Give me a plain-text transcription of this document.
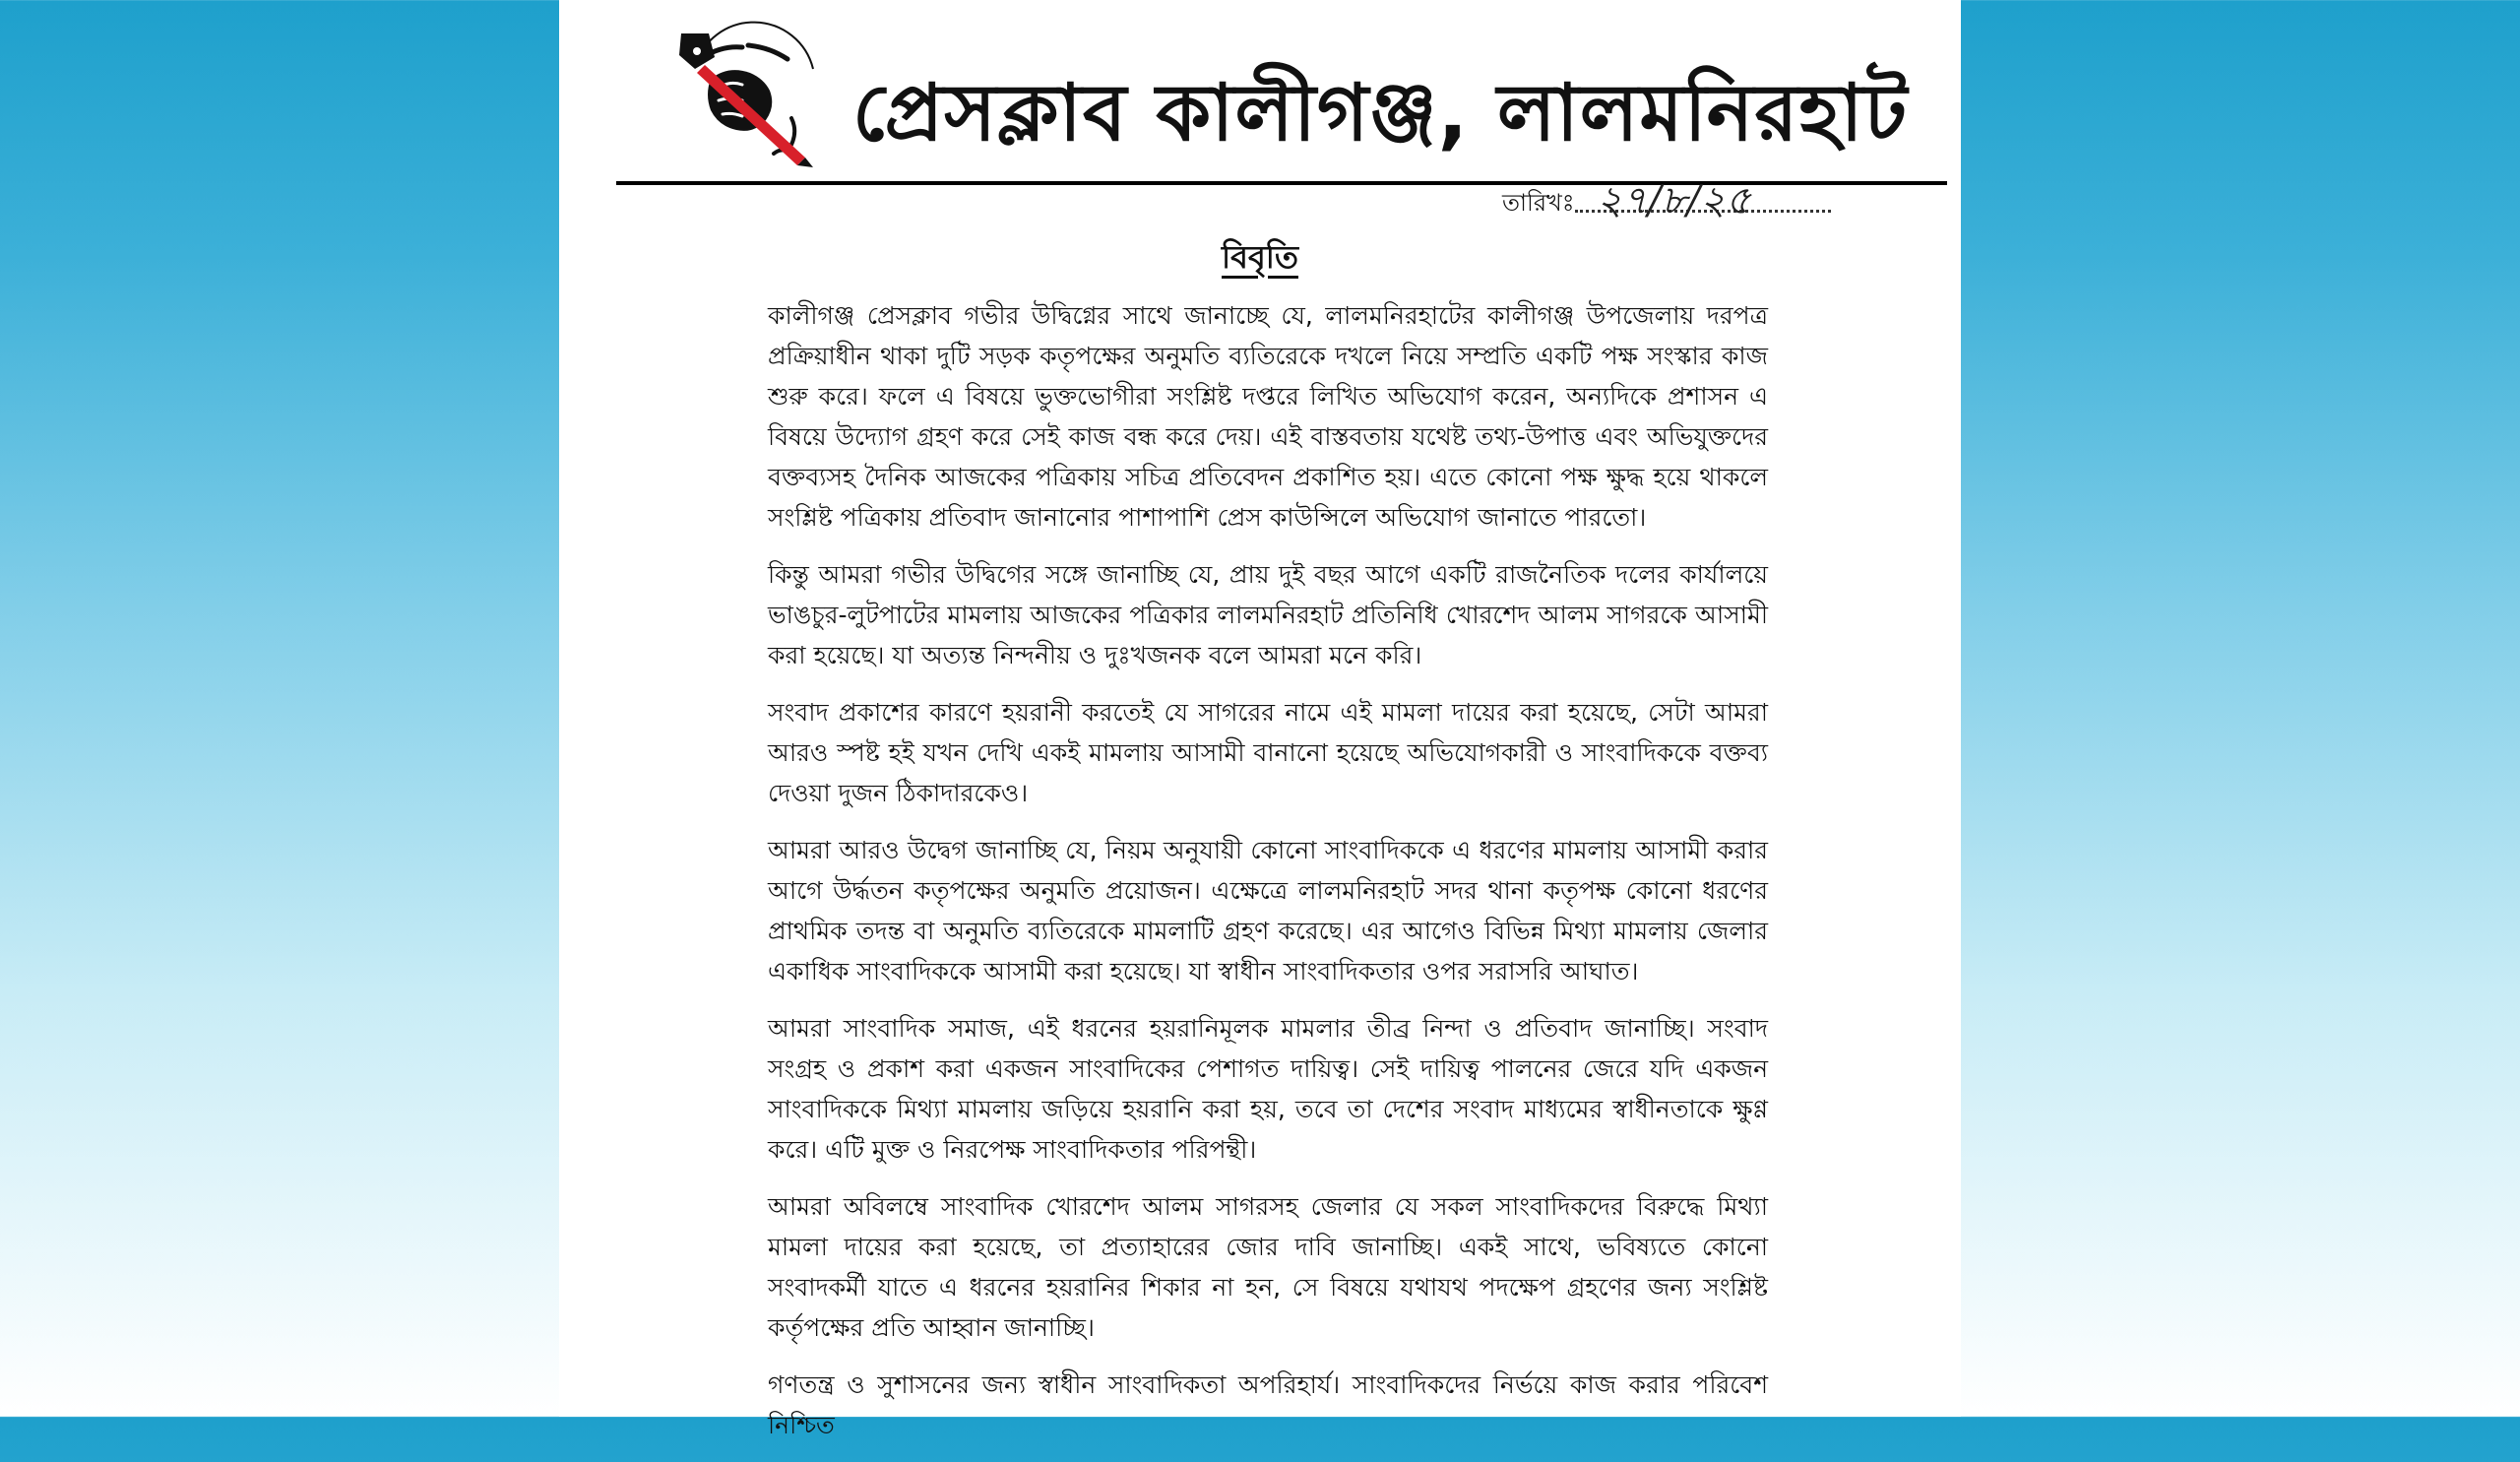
প্রেসক্লাব কালীগঞ্জ, লালমনিরহাট
তারিখঃ ২৭/৮/২৫
বিবৃতি

কালীগঞ্জ প্রেসক্লাব গভীর উদ্বিগ্নের সাথে জানাচ্ছে যে, লালমনিরহাটের কালীগঞ্জ উপজেলায় দরপত্র প্রক্রিয়াধীন থাকা দুটি সড়ক কতৃপক্ষের অনুমতি ব্যতিরেকে দখলে নিয়ে সম্প্রতি একটি পক্ষ সংস্কার কাজ শুরু করে। ফলে এ বিষয়ে ভুক্তভোগীরা সংশ্লিষ্ট দপ্তরে লিখিত অভিযোগ করেন, অন্যদিকে প্রশাসন এ বিষয়ে উদ্যোগ গ্রহণ করে সেই কাজ বন্ধ করে দেয়। এই বাস্তবতায় যথেষ্ট তথ্য-উপাত্ত এবং অভিযুক্তদের বক্তব্যসহ দৈনিক আজকের পত্রিকায় সচিত্র প্রতিবেদন প্রকাশিত হয়। এতে কোনো পক্ষ ক্ষুদ্ধ হয়ে থাকলে সংশ্লিষ্ট পত্রিকায় প্রতিবাদ জানানোর পাশাপাশি প্রেস কাউন্সিলে অভিযোগ জানাতে পারতো।

কিন্তু আমরা গভীর উদ্বিগের সঙ্গে জানাচ্ছি যে, প্রায় দুই বছর আগে একটি রাজনৈতিক দলের কার্যালয়ে ভাঙচুর-লুটপাটের মামলায় আজকের পত্রিকার লালমনিরহাট প্রতিনিধি খোরশেদ আলম সাগরকে আসামী করা হয়েছে। যা অত্যন্ত নিন্দনীয় ও দুঃখজনক বলে আমরা মনে করি।

সংবাদ প্রকাশের কারণে হয়রানী করতেই যে সাগরের নামে এই মামলা দায়ের করা হয়েছে, সেটা আমরা আরও স্পষ্ট হই যখন দেখি একই মামলায় আসামী বানানো হয়েছে অভিযোগকারী ও সাংবাদিককে বক্তব্য দেওয়া দুজন ঠিকাদারকেও।

আমরা আরও উদ্বেগ জানাচ্ছি যে, নিয়ম অনুযায়ী কোনো সাংবাদিককে এ ধরণের মামলায় আসামী করার আগে উর্দ্ধতন কতৃপক্ষের অনুমতি প্রয়োজন। এক্ষেত্রে লালমনিরহাট সদর থানা কতৃপক্ষ কোনো ধরণের প্রাথমিক তদন্ত বা অনুমতি ব্যতিরেকে মামলাটি গ্রহণ করেছে। এর আগেও বিভিন্ন মিথ্যা মামলায় জেলার একাধিক সাংবাদিককে আসামী করা হয়েছে। যা স্বাধীন সাংবাদিকতার ওপর সরাসরি আঘাত।

আমরা সাংবাদিক সমাজ, এই ধরনের হয়রানিমূলক মামলার তীব্র নিন্দা ও প্রতিবাদ জানাচ্ছি। সংবাদ সংগ্রহ ও প্রকাশ করা একজন সাংবাদিকের পেশাগত দায়িত্ব। সেই দায়িত্ব পালনের জেরে যদি একজন সাংবাদিককে মিথ্যা মামলায় জড়িয়ে হয়রানি করা হয়, তবে তা দেশের সংবাদ মাধ্যমের স্বাধীনতাকে ক্ষুণ্ণ করে। এটি মুক্ত ও নিরপেক্ষ সাংবাদিকতার পরিপন্থী।

আমরা অবিলম্বে সাংবাদিক খোরশেদ আলম সাগরসহ জেলার যে সকল সাংবাদিকদের বিরুদ্ধে মিথ্যা মামলা দায়ের করা হয়েছে, তা প্রত্যাহারের জোর দাবি জানাচ্ছি। একই সাথে, ভবিষ্যতে কোনো সংবাদকর্মী যাতে এ ধরনের হয়রানির শিকার না হন, সে বিষয়ে যথাযথ পদক্ষেপ গ্রহণের জন্য সংশ্লিষ্ট কর্তৃপক্ষের প্রতি আহ্বান জানাচ্ছি।

গণতন্ত্র ও সুশাসনের জন্য স্বাধীন সাংবাদিকতা অপরিহার্য। সাংবাদিকদের নির্ভয়ে কাজ করার পরিবেশ নিশ্চিত
